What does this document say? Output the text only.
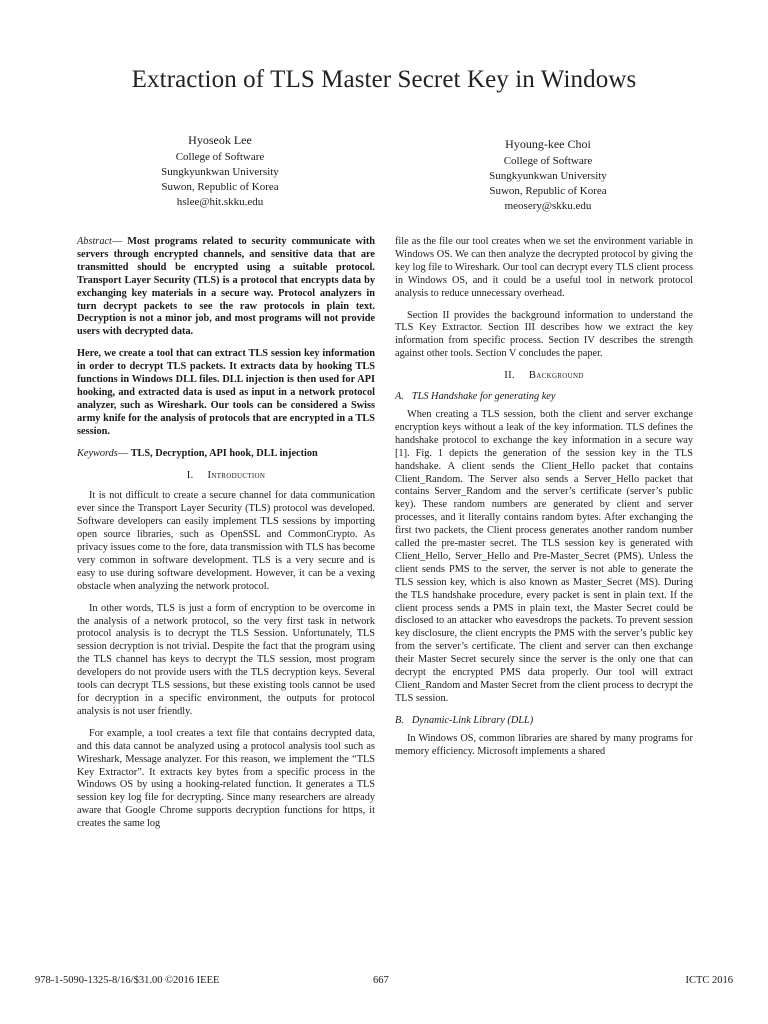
Extraction of TLS Master Secret Key in Windows
Hyoseok Lee
College of Software
Sungkyunkwan University
Suwon, Republic of Korea
hslee@hit.skku.edu
Hyoung-kee Choi
College of Software
Sungkyunkwan University
Suwon, Republic of Korea
meosery@skku.edu

Abstract— Most programs related to security communicate with servers through encrypted channels, and sensitive data that are transmitted should be encrypted using a suitable protocol. Transport Layer Security (TLS) is a protocol that encrypts data by exchanging key materials in a secure way. Protocol analyzers in turn decrypt packets to see the raw protocols in plain text. Decryption is not a minor job, and most programs will not provide users with decrypted data.

Here, we create a tool that can extract TLS session key information in order to decrypt TLS packets. It extracts data by hooking TLS functions in Windows DLL files. DLL injection is then used for API hooking, and extracted data is used as input in a network protocol analyzer, such as Wireshark. Our tools can be considered a Swiss army knife for the analysis of protocols that are encrypted in a TLS session.

Keywords— TLS, Decryption, API hook, DLL injection

I. Introduction

It is not difficult to create a secure channel for data communication ever since the Transport Layer Security (TLS) protocol was developed. Software developers can easily implement TLS sessions by importing open source libraries, such as OpenSSL and CommonCrypto. As privacy issues come to the fore, data transmission with TLS has become very common in software development. TLS is a very secure and is easy to use during software development. However, it can be a vexing obstacle when analyzing the network protocol.

In other words, TLS is just a form of encryption to be overcome in the analysis of a network protocol, so the very first task in network protocol analysis is to decrypt the TLS Session. Unfortunately, TLS session decryption is not trivial. Despite the fact that the program using the TLS channel has keys to decrypt the TLS session, most program developers do not provide users with the TLS decryption keys. Several tools can decrypt TLS sessions, but these existing tools cannot be used for decryption in a specific environment, the outputs for protocol analysis is not user friendly.

For example, a tool creates a text file that contains decrypted data, and this data cannot be analyzed using a protocol analysis tool such as Wireshark, Message analyzer. For this reason, we implement the “TLS Key Extractor”. It extracts key bytes from a specific process in the Windows OS by using a hooking-related function. It generates a TLS session key log file for decrypting. Since many researchers are already aware that Google Chrome supports decryption functions for https, it creates the same log

file as the file our tool creates when we set the environment variable in Windows OS. We can then analyze the decrypted protocol by giving the key log file to Wireshark. Our tool can decrypt every TLS client process in Windows OS, and it could be a useful tool in network protocol analysis to reduce unnecessary overhead.

Section II provides the background information to understand the TLS Key Extractor. Section III describes how we extract the key information from specific process. Section IV describes the strength against other tools. Section V concludes the paper.

II. Background
A. TLS Handshake for generating key

When creating a TLS session, both the client and server exchange encryption keys without a leak of the key information. TLS defines the handshake protocol to exchange the key information in a secure way [1]. Fig. 1 depicts the generation of the session key in the TLS handshake. A client sends the Client_Hello packet that contains Client_Random. The Server also sends a Server_Hello packet that contains Server_Random and the server’s certificate (server’s public key). These random numbers are generated by client and server processes, and it literally contains random bytes. After exchanging the first two packets, the Client process generates another random number called the pre-master secret. The TLS session key is generated with Client_Hello, Server_Hello and Pre-Master_Secret (PMS). Unless the client sends PMS to the server, the server is not able to generate the TLS session key, which is also known as Master_Secret (MS). During the TLS handshake procedure, every packet is sent in plain text. If the client process sends a PMS in plain text, the Master Secret could be disclosed to an attacker who eavesdrops the packets. To prevent session key disclosure, the client encrypts the PMS with the server’s public key from the server’s certificate. The client and server can then exchange their Master Secret securely since the server is the only one that can decrypt the encrypted PMS data properly. Our tool will extract Client_Random and Master Secret from the client process to decrypt the TLS session.

B. Dynamic-Link Library (DLL)

In Windows OS, common libraries are shared by many programs for memory efficiency. Microsoft implements a shared

978-1-5090-1325-8/16/$31.00 ©2016 IEEE	667	ICTC 2016
